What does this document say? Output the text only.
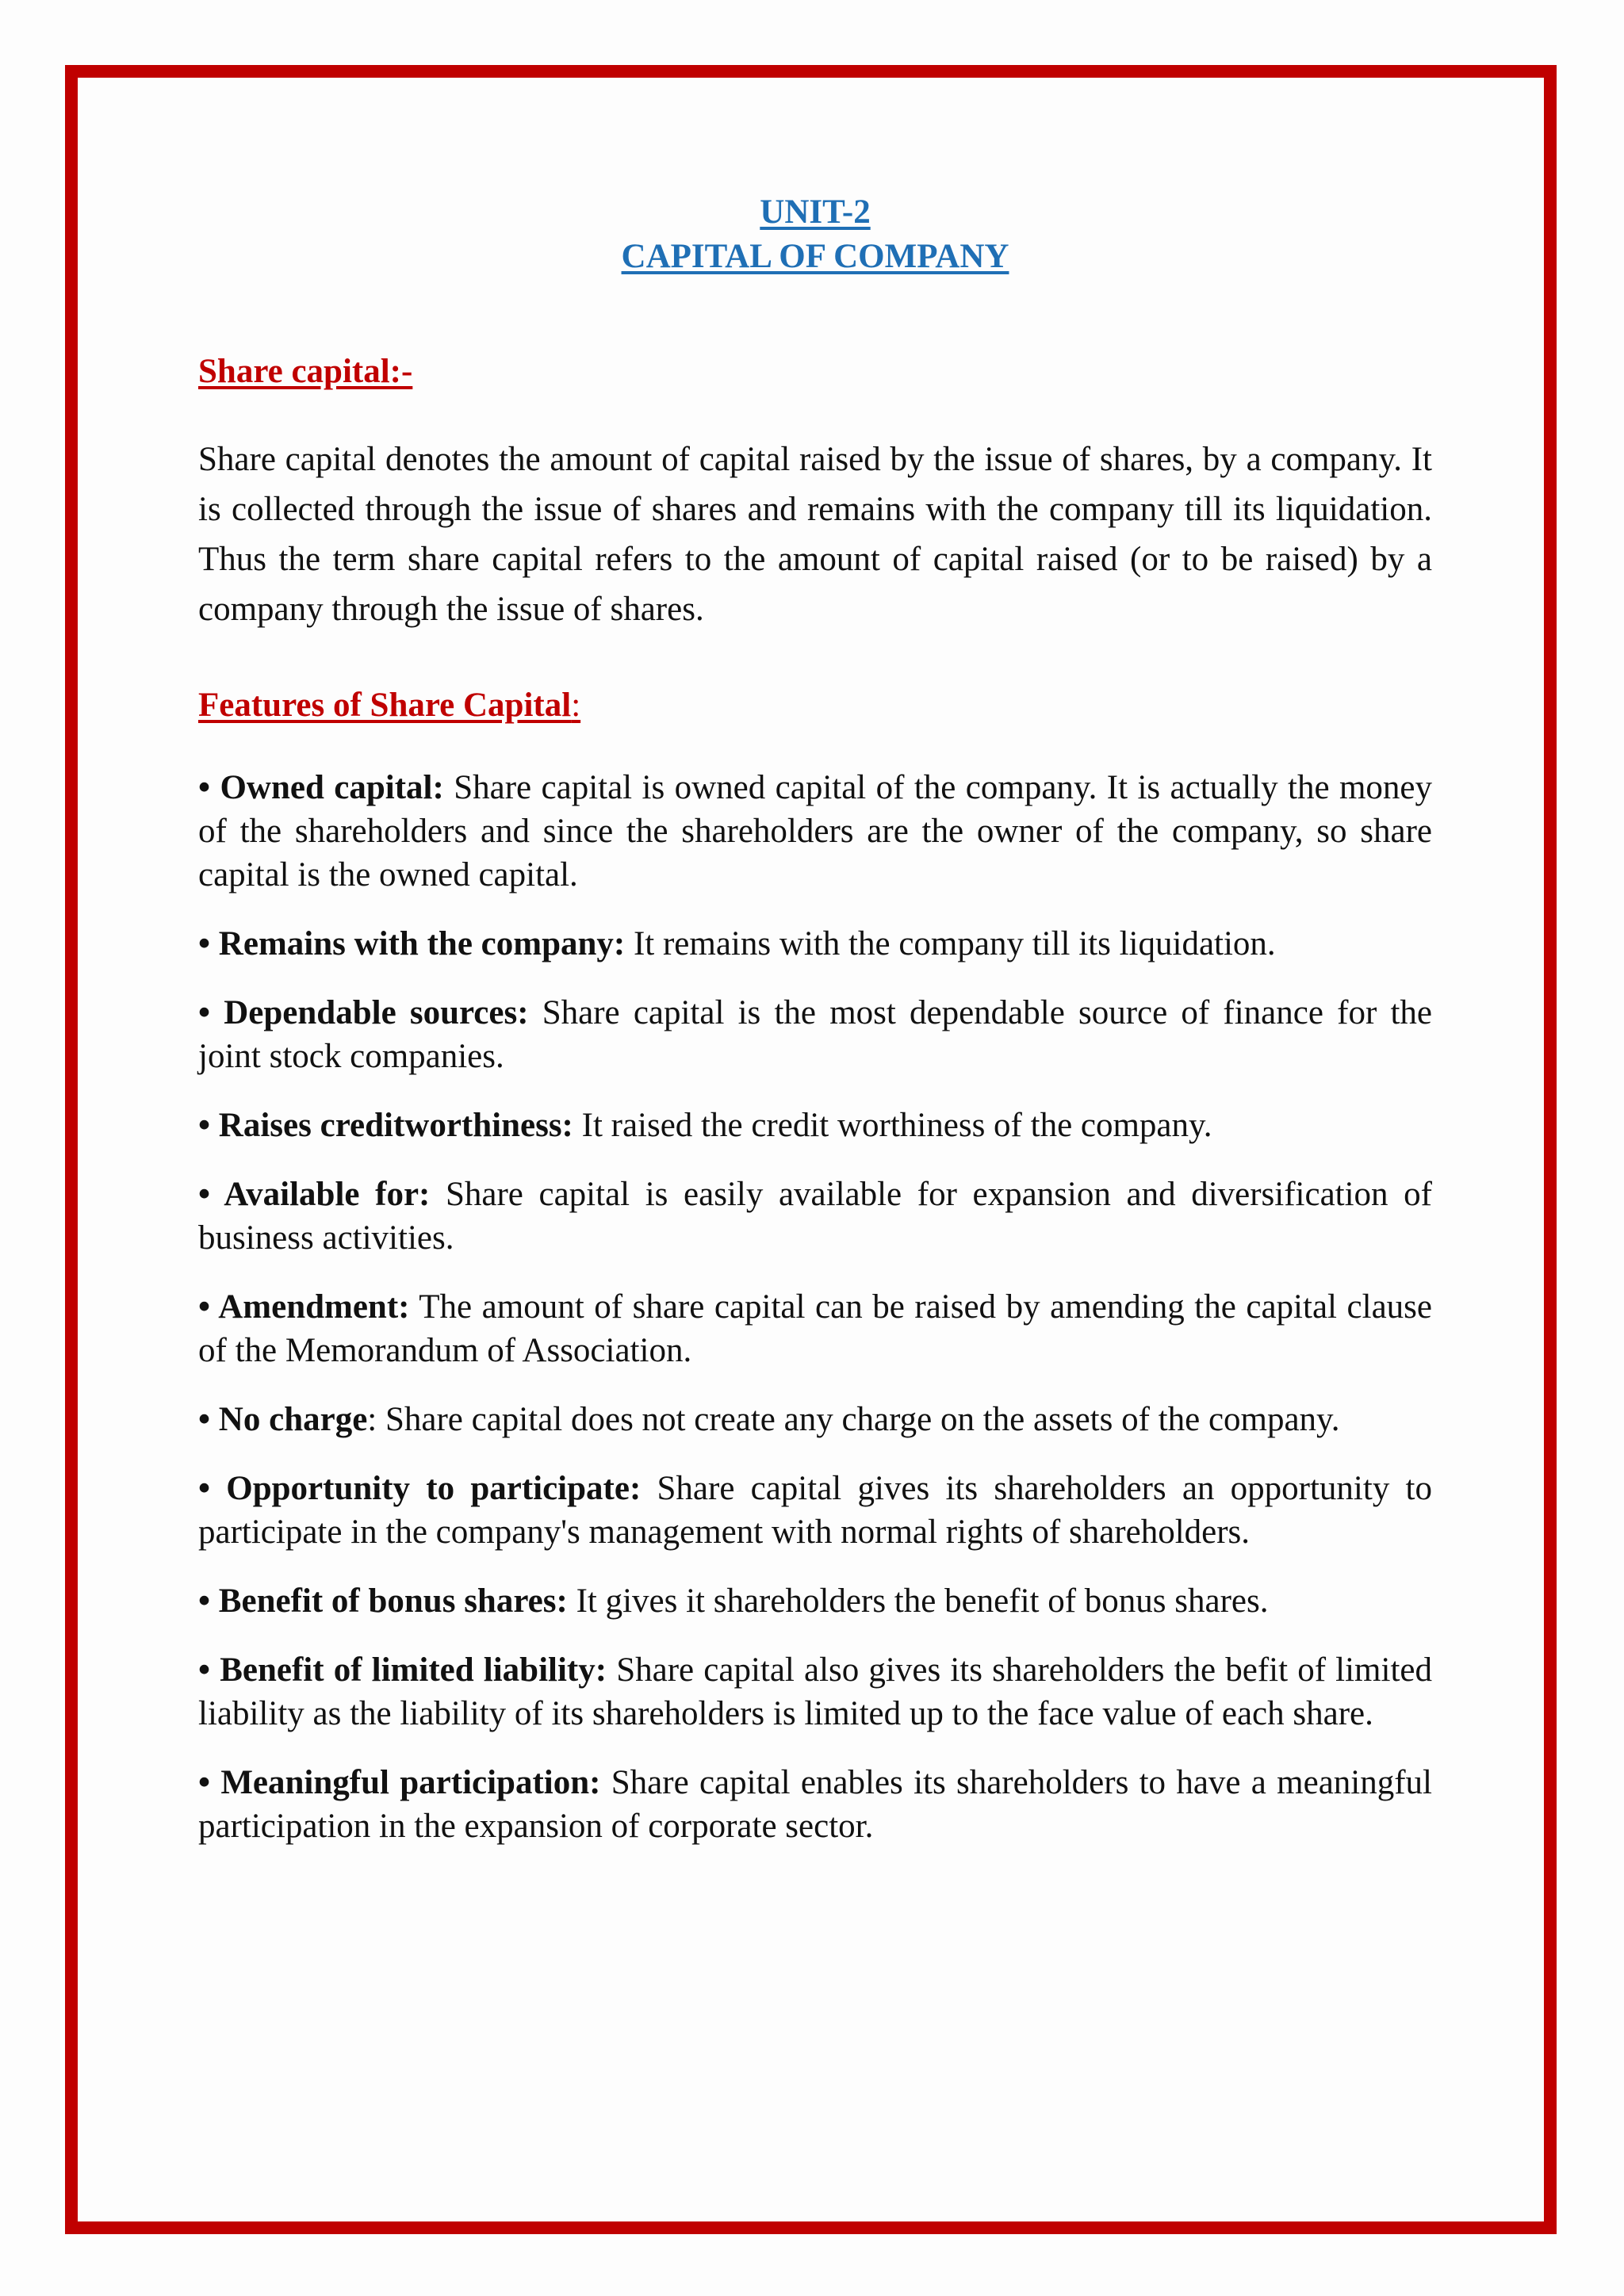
UNIT-2
CAPITAL OF COMPANY
Share capital:-

Share capital denotes the amount of capital raised by the issue of shares, by a company. It is collected through the issue of shares and remains with the company till its liquidation. Thus the term share capital refers to the amount of capital raised (or to be raised) by a company through the issue of shares.

Features of Share Capital:

• Owned capital: Share capital is owned capital of the company. It is actually the money of the shareholders and since the shareholders are the owner of the company, so share capital is the owned capital.

• Remains with the company: It remains with the company till its liquidation.

• Dependable sources: Share capital is the most dependable source of finance for the joint stock companies.

• Raises creditworthiness: It raised the credit worthiness of the company.

• Available for: Share capital is easily available for expansion and diversification of business activities.

• Amendment: The amount of share capital can be raised by amending the capital clause of the Memorandum of Association.

• No charge: Share capital does not create any charge on the assets of the company.

• Opportunity to participate: Share capital gives its shareholders an opportunity to participate in the company's management with normal rights of shareholders.

• Benefit of bonus shares: It gives it shareholders the benefit of bonus shares.

• Benefit of limited liability: Share capital also gives its shareholders the befit of limited liability as the liability of its shareholders is limited up to the face value of each share.

• Meaningful participation: Share capital enables its shareholders to have a meaningful participation in the expansion of corporate sector.
